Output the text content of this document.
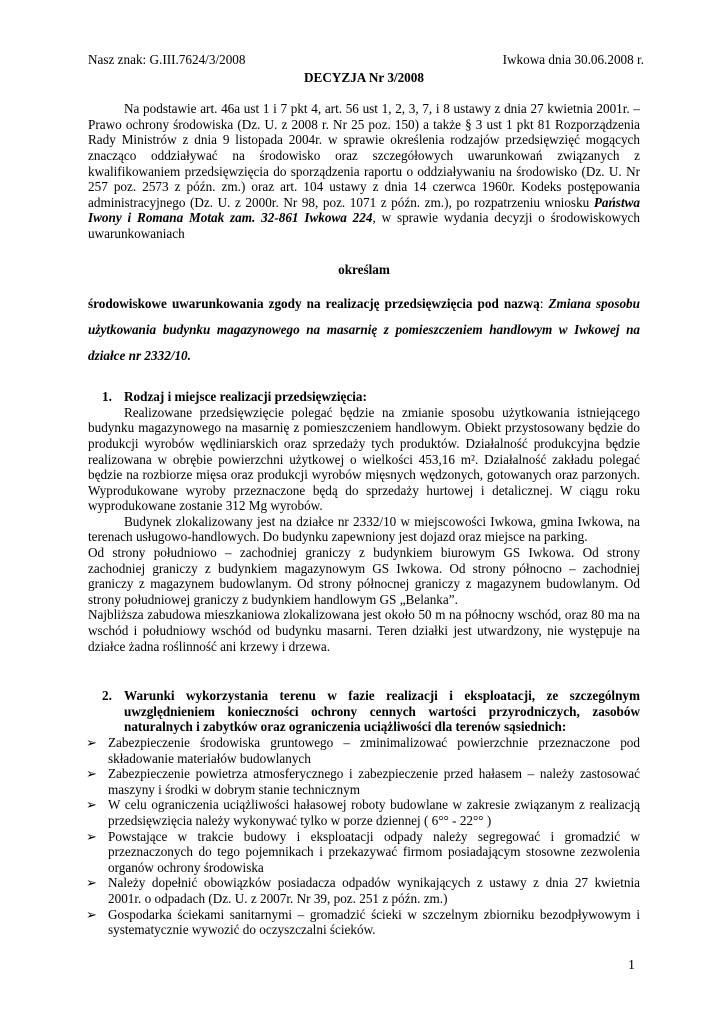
Nasz znak: G.III.7624/3/2008	Iwkowa dnia 30.06.2008 r.
DECYZJA Nr 3/2008
Na podstawie art. 46a ust 1 i 7 pkt 4, art. 56 ust 1, 2, 3, 7, i 8 ustawy z dnia 27 kwietnia 2001r. – Prawo ochrony środowiska (Dz. U. z 2008 r. Nr 25 poz. 150) a także § 3 ust 1 pkt 81 Rozporządzenia Rady Ministrów z dnia 9 listopada 2004r. w sprawie określenia rodzajów przedsięwzięć mogących znacząco oddziaływać na środowisko oraz szczegółowych uwarunkowań związanych z kwalifikowaniem przedsięwzięcia do sporządzenia raportu o oddziaływaniu na środowisko (Dz. U. Nr 257 poz. 2573 z późn. zm.) oraz art. 104 ustawy z dnia 14 czerwca 1960r. Kodeks postępowania administracyjnego (Dz. U. z 2000r. Nr 98, poz. 1071 z późn. zm.), po rozpatrzeniu wniosku Państwa Iwony i Romana Motak zam. 32-861 Iwkowa 224, w sprawie wydania decyzji o środowiskowych uwarunkowaniach
określam
środowiskowe uwarunkowania zgody na realizację przedsięwzięcia pod nazwą: Zmiana sposobu użytkowania budynku magazynowego na masarnię z pomieszczeniem handlowym w Iwkowej na działce nr 2332/10.
1. Rodzaj i miejsce realizacji przedsięwzięcia:
Realizowane przedsięwzięcie polegać będzie na zmianie sposobu użytkowania istniejącego budynku magazynowego na masarnię z pomieszczeniem handlowym. Obiekt przystosowany będzie do produkcji wyrobów wędliniarskich oraz sprzedaży tych produktów. Działalność produkcyjna będzie realizowana w obrębie powierzchni użytkowej o wielkości 453,16 m². Działalność zakładu polegać będzie na rozbiorze mięsa oraz produkcji wyrobów mięsnych wędzonych, gotowanych oraz parzonych. Wyprodukowane wyroby przeznaczone będą do sprzedaży hurtowej i detalicznej. W ciągu roku wyprodukowane zostanie 312 Mg wyrobów.
Budynek zlokalizowany jest na działce nr 2332/10 w miejscowości Iwkowa, gmina Iwkowa, na terenach usługowo-handlowych. Do budynku zapewniony jest dojazd oraz miejsce na parking.
Od strony południowo – zachodniej graniczy z budynkiem biurowym GS Iwkowa. Od strony zachodniej graniczy z budynkiem magazynowym GS Iwkowa. Od strony północno – zachodniej graniczy z magazynem budowlanym. Od strony północnej graniczy z magazynem budowlanym. Od strony południowej graniczy z budynkiem handlowym GS „Belanka”.
Najbliższa zabudowa mieszkaniowa zlokalizowana jest około 50 m na północny wschód, oraz 80 ma na wschód i południowy wschód od budynku masarni. Teren działki jest utwardzony, nie występuje na działce żadna roślinność ani krzewy i drzewa.
2. Warunki wykorzystania terenu w fazie realizacji i eksploatacji, ze szczególnym uwzględnieniem konieczności ochrony cennych wartości przyrodniczych, zasobów naturalnych i zabytków oraz ograniczenia uciążliwości dla terenów sąsiednich:
➢ Zabezpieczenie środowiska gruntowego – zminimalizować powierzchnie przeznaczone pod składowanie materiałów budowlanych
➢ Zabezpieczenie powietrza atmosferycznego i zabezpieczenie przed hałasem – należy zastosować maszyny i środki w dobrym stanie technicznym
➢ W celu ograniczenia uciążliwości hałasowej roboty budowlane w zakresie związanym z realizacją przedsięwzięcia należy wykonywać tylko w porze dziennej ( 6°° - 22°° )
➢ Powstające w trakcie budowy i eksploatacji odpady należy segregować i gromadzić w przeznaczonych do tego pojemnikach i przekazywać firmom posiadającym stosowne zezwolenia organów ochrony środowiska
➢ Należy dopełnić obowiązków posiadacza odpadów wynikających z ustawy z dnia 27 kwietnia 2001r. o odpadach (Dz. U. z 2007r. Nr 39, poz. 251 z późn. zm.)
➢ Gospodarka ściekami sanitarnymi – gromadzić ścieki w szczelnym zbiorniku bezodpływowym i systematycznie wywozić do oczyszczalni ścieków.
1
